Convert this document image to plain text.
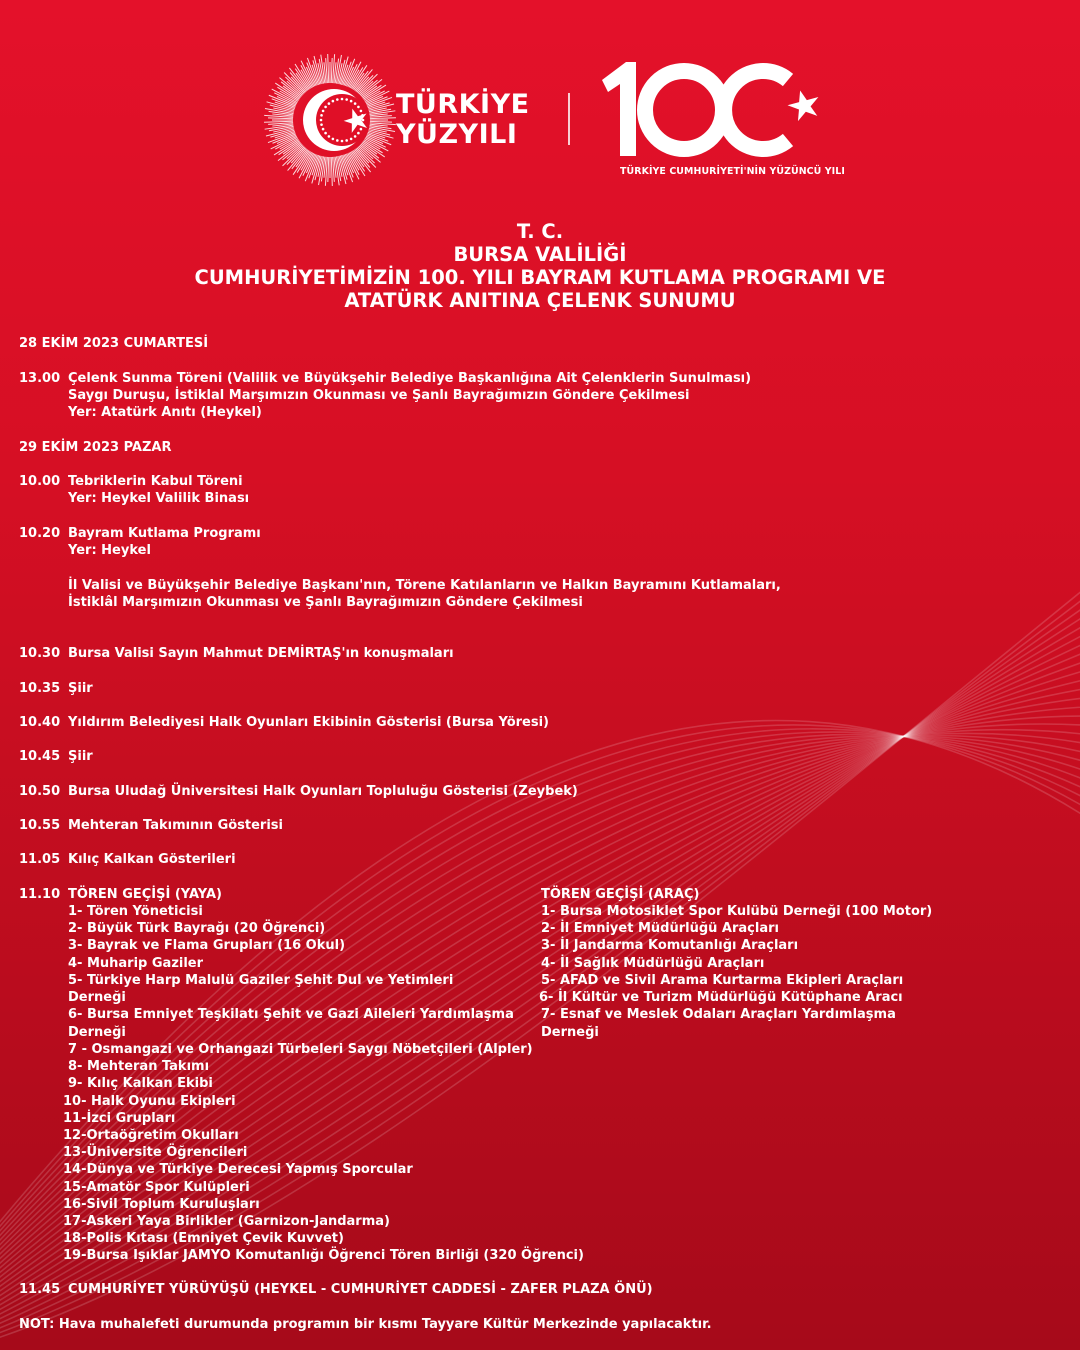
TÜRKİYE
YÜZYILI
TÜRKİYE CUMHURİYETİ'NİN YÜZÜNCÜ YILI
T. C.
BURSA VALİLİĞİ
CUMHURİYETİMİZİN 100. YILI BAYRAM KUTLAMA PROGRAMI VE
ATATÜRK ANITINA ÇELENK SUNUMU
28 EKİM 2023 CUMARTESİ
13.00 Çelenk Sunma Töreni (Valilik ve Büyükşehir Belediye Başkanlığına Ait Çelenklerin Sunulması)
Saygı Duruşu, İstiklal Marşımızın Okunması ve Şanlı Bayrağımızın Göndere Çekilmesi
Yer: Atatürk Anıtı (Heykel)
29 EKİM 2023 PAZAR
10.00 Tebriklerin Kabul Töreni
Yer: Heykel Valilik Binası
10.20 Bayram Kutlama Programı
Yer: Heykel
İl Valisi ve Büyükşehir Belediye Başkanı'nın, Törene Katılanların ve Halkın Bayramını Kutlamaları,
İstiklâl Marşımızın Okunması ve Şanlı Bayrağımızın Göndere Çekilmesi
10.30 Bursa Valisi Sayın Mahmut DEMİRTAŞ'ın konuşmaları
10.35 Şiir
10.40 Yıldırım Belediyesi Halk Oyunları Ekibinin Gösterisi (Bursa Yöresi)
10.45 Şiir
10.50 Bursa Uludağ Üniversitesi Halk Oyunları Topluluğu Gösterisi (Zeybek)
10.55 Mehteran Takımının Gösterisi
11.05 Kılıç Kalkan Gösterileri
11.10 TÖREN GEÇİŞİ (YAYA)	TÖREN GEÇİŞİ (ARAÇ)
1- Tören Yöneticisi
2- Büyük Türk Bayrağı (20 Öğrenci)
3- Bayrak ve Flama Grupları (16 Okul)
4- Muharip Gaziler
5- Türkiye Harp Malulü Gaziler Şehit Dul ve Yetimleri
Derneği
6- Bursa Emniyet Teşkilatı Şehit ve Gazi Aileleri Yardımlaşma
Derneği
7 - Osmangazi ve Orhangazi Türbeleri Saygı Nöbetçileri (Alpler)
8- Mehteran Takımı
9- Kılıç Kalkan Ekibi
10- Halk Oyunu Ekipleri
11-İzci Grupları
12-Ortaöğretim Okulları
13-Üniversite Öğrencileri
14-Dünya ve Türkiye Derecesi Yapmış Sporcular
15-Amatör Spor Kulüpleri
16-Sivil Toplum Kuruluşları
17-Askeri Yaya Birlikler (Garnizon-Jandarma)
18-Polis Kıtası (Emniyet Çevik Kuvvet)
19-Bursa Işıklar JAMYO Komutanlığı Öğrenci Tören Birliği (320 Öğrenci)
1- Bursa Motosiklet Spor Kulübü Derneği (100 Motor)
2- İl Emniyet Müdürlüğü Araçları
3- İl Jandarma Komutanlığı Araçları
4- İl Sağlık Müdürlüğü Araçları
5- AFAD ve Sivil Arama Kurtarma Ekipleri Araçları
6- İl Kültür ve Turizm Müdürlüğü Kütüphane Aracı
7- Esnaf ve Meslek Odaları Araçları Yardımlaşma
Derneği
11.45 CUMHURİYET YÜRÜYÜŞÜ (HEYKEL - CUMHURİYET CADDESİ - ZAFER PLAZA ÖNÜ)
NOT: Hava muhalefeti durumunda programın bir kısmı Tayyare Kültür Merkezinde yapılacaktır.
